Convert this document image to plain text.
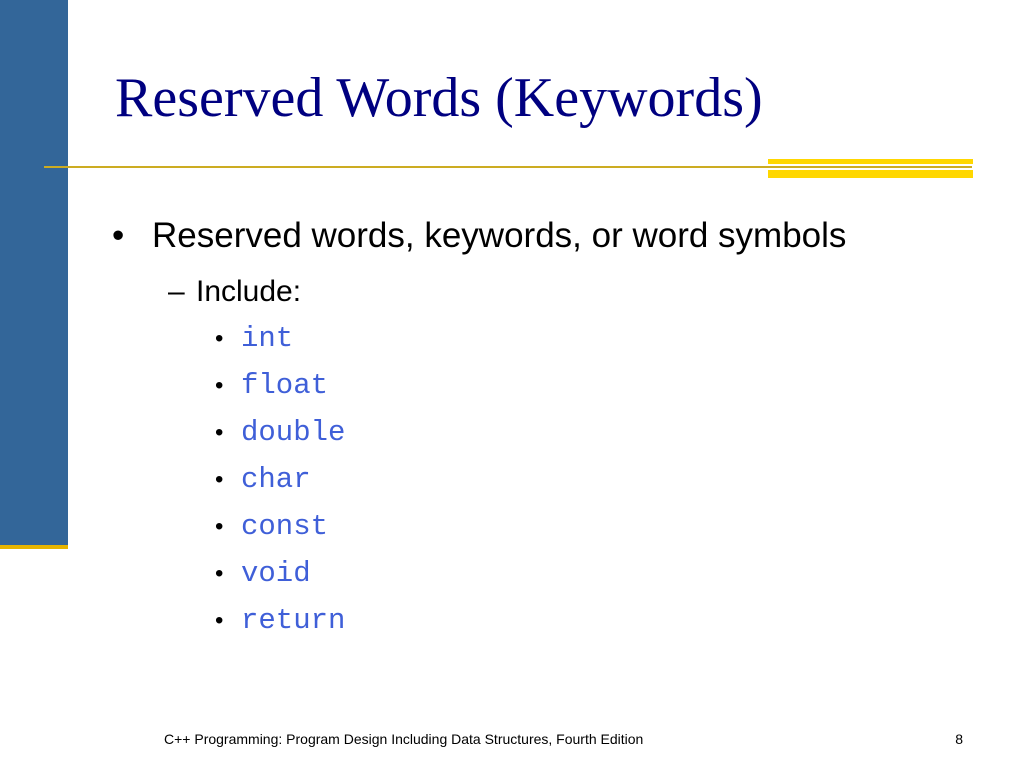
Reserved Words (Keywords)
• Reserved words, keywords, or word symbols
– Include:
• int
• float
• double
• char
• const
• void
• return
C++ Programming: Program Design Including Data Structures, Fourth Edition	8
